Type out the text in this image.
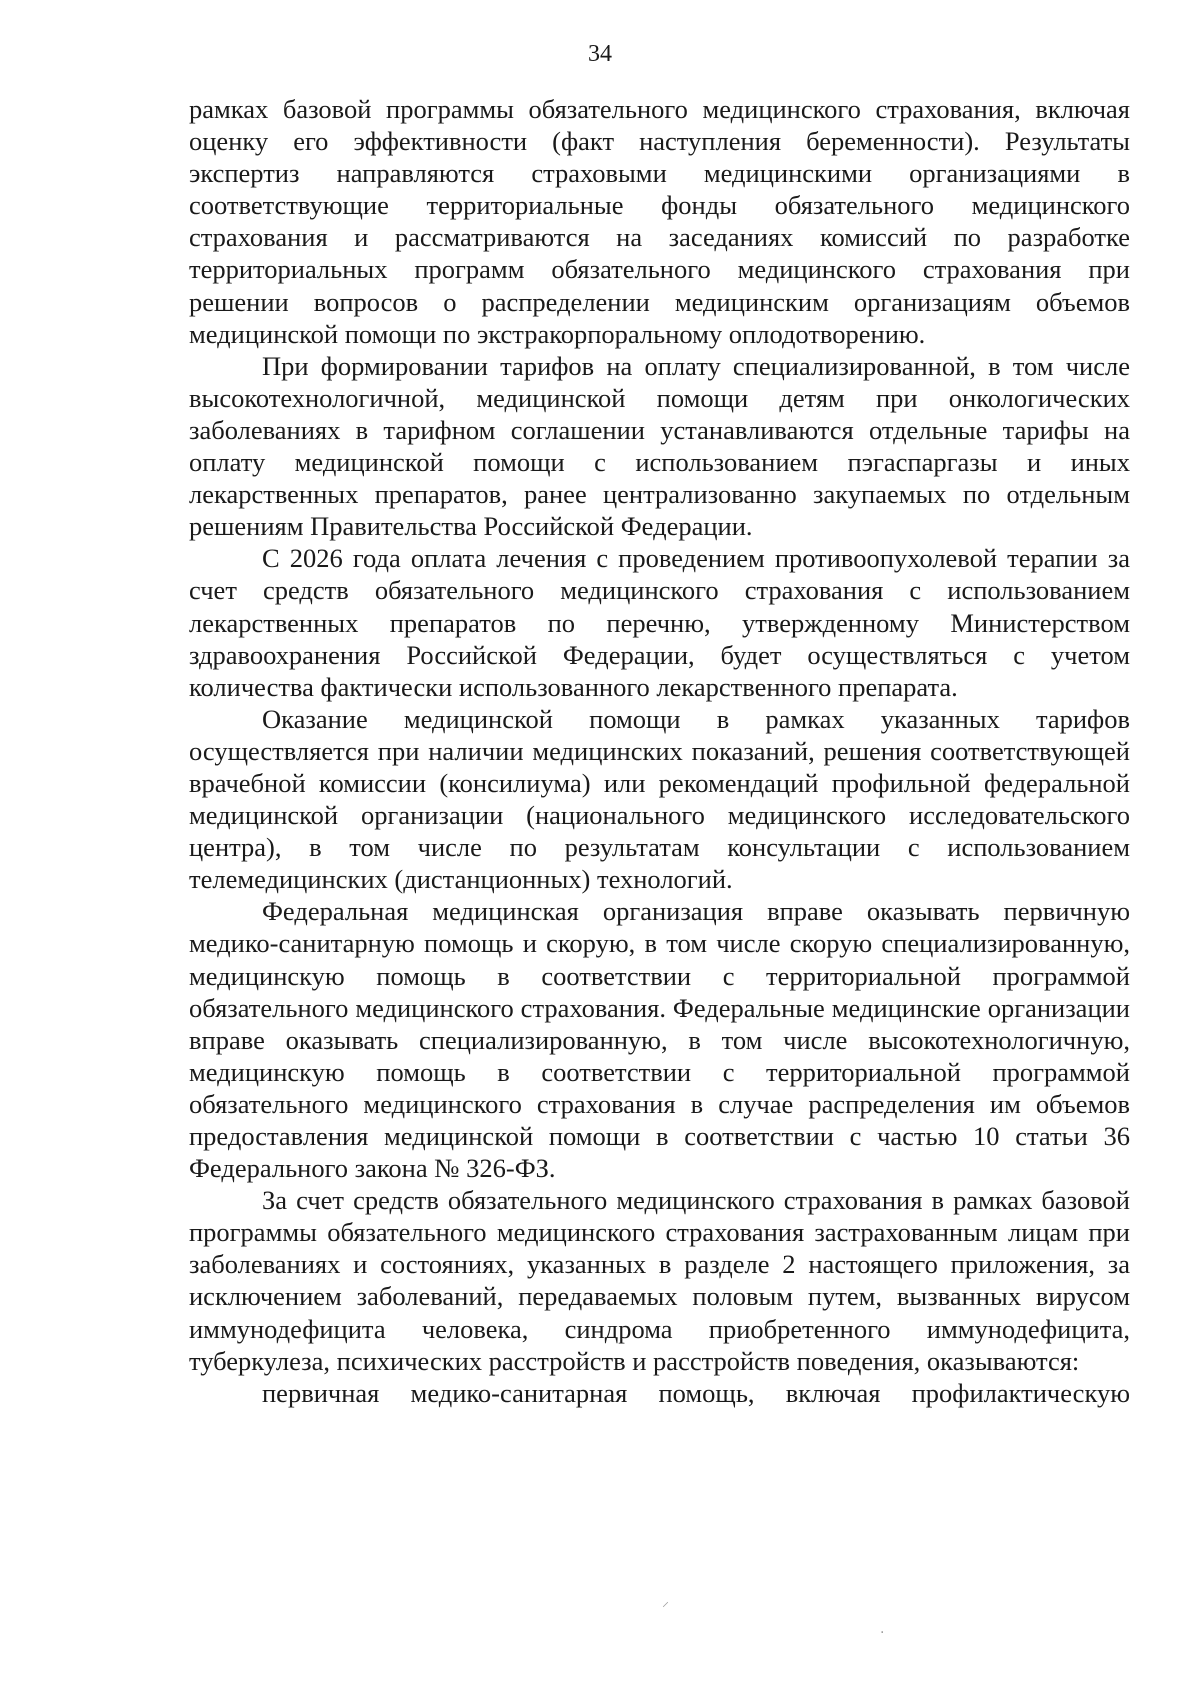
34

рамках базовой программы обязательного медицинского страхования, включая оценку его эффективности (факт наступления беременности). Результаты экспертиз направляются страховыми медицинскими организациями в соответствующие территориальные фонды обязательного медицинского страхования и рассматриваются на заседаниях комиссий по разработке территориальных программ обязательного медицинского страхования при решении вопросов о распределении медицинским организациям объемов медицинской помощи по экстракорпоральному оплодотворению.

При формировании тарифов на оплату специализированной, в том числе высокотехнологичной, медицинской помощи детям при онкологических заболеваниях в тарифном соглашении устанавливаются отдельные тарифы на оплату медицинской помощи с использованием пэгаспаргазы и иных лекарственных препаратов, ранее централизованно закупаемых по отдельным решениям Правительства Российской Федерации.

С 2026 года оплата лечения с проведением противоопухолевой терапии за счет средств обязательного медицинского страхования с использованием лекарственных препаратов по перечню, утвержденному Министерством здравоохранения Российской Федерации, будет осуществляться с учетом количества фактически использованного лекарственного препарата.

Оказание медицинской помощи в рамках указанных тарифов осуществляется при наличии медицинских показаний, решения соответствующей врачебной комиссии (консилиума) или рекомендаций профильной федеральной медицинской организации (национального медицинского исследовательского центра), в том числе по результатам консультации с использованием телемедицинских (дистанционных) технологий.

Федеральная медицинская организация вправе оказывать первичную медико-санитарную помощь и скорую, в том числе скорую специализированную, медицинскую помощь в соответствии с территориальной программой обязательного медицинского страхования. Федеральные медицинские организации вправе оказывать специализированную, в том числе высокотехнологичную, медицинскую помощь в соответствии с территориальной программой обязательного медицинского страхования в случае распределения им объемов предоставления медицинской помощи в соответствии с частью 10 статьи 36 Федерального закона № 326-ФЗ.

За счет средств обязательного медицинского страхования в рамках базовой программы обязательного медицинского страхования застрахованным лицам при заболеваниях и состояниях, указанных в разделе 2 настоящего приложения, за исключением заболеваний, передаваемых половым путем, вызванных вирусом иммунодефицита человека, синдрома приобретенного иммунодефицита, туберкулеза, психических расстройств и расстройств поведения, оказываются:

первичная медико-санитарная помощь, включая профилактическую

⸝
·
